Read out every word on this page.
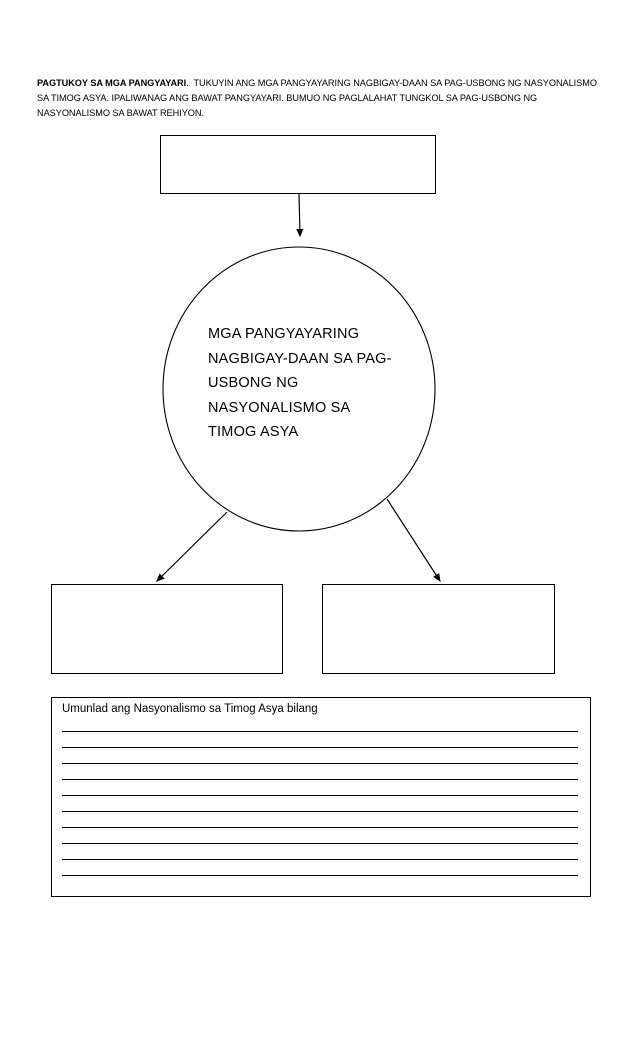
PAGTUKOY SA MGA PANGYAYARI. TUKUYIN ANG MGA PANGYAYARING NAGBIGAY-DAAN SA PAG-USBONG NG NASYONALISMO SA TIMOG ASYA. IPALIWANAG ANG BAWAT PANGYAYARI. BUMUO NG PAGLALAHAT TUNGKOL SA PAG-USBONG NG NASYONALISMO SA BAWAT REHIYON.
MGA PANGYAYARING
NAGBIGAY-DAAN SA PAG-
USBONG NG
NASYONALISMO SA
TIMOG ASYA
Umunlad ang Nasyonalismo sa Timog Asya bilang
